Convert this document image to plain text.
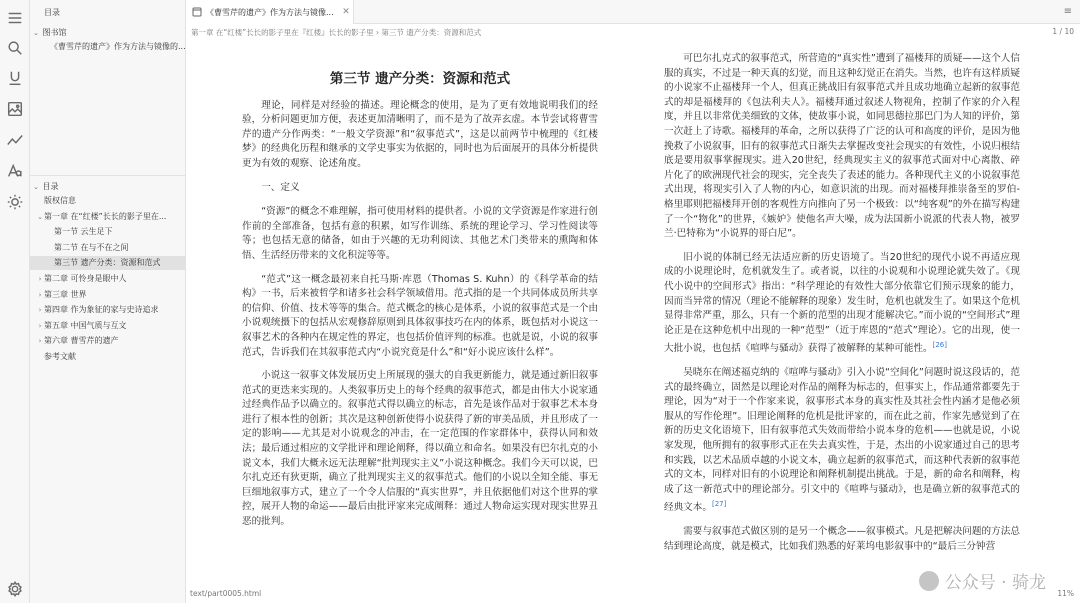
目录
⌄ 图书馆
《曹雪芹的遗产》作为方法与镜像的...
⌄ 目录
版权信息
⌄第一章 在“红楼”长长的影子里在...
第一节 云生足下
第二节 在与不在之间
第三节 遗产分类：资源和范式
› 第二章 可怜身是眼中人
› 第三章 世界
› 第四章 作为象征的家与史诗追求
› 第五章 中国气质与互文
› 第六章 曹雪芹的遗产
参考文献
《曹雪芹的遗产》作为方法与镜像... ✕	≡
第一章 在“红楼”长长的影子里在『红楼』长长的影子里 › 第三节 遗产分类：资源和范式	1 / 10
第三节 遗产分类：资源和范式

理论，同样是对经验的描述。理论概念的使用，是为了更有效地说明我们的经验，分析问题更加方便，表述更加清晰明了，而不是为了故弄玄虚。本节尝试将曹雪芹的遗产分作两类：“一般文学资源”和“叙事范式”，这是以前两节中梳理的《红楼梦》的经典化历程和继承的文学史事实为依据的，同时也为后面展开的具体分析提供更为有效的观察、论述角度。

一、定义

“资源”的概念不难理解，指可使用材料的提供者。小说的文学资源是作家进行创作前的全部准备，包括有意的积累，如写作训练、系统的理论学习、学习性阅读等等；也包括无意的储备，如由于兴趣的无功利阅读、其他艺术门类带来的熏陶和体悟、生活经历带来的文化积淀等等。

“范式”这一概念最初来自托马斯·库恩（Thomas S. Kuhn）的《科学革命的结构》一书，后来被哲学和诸多社会科学领域借用。范式指的是一个共同体成员所共享的信仰、价值、技术等等的集合。范式概念的核心是体系，小说的叙事范式是一个由小说观统摄下的包括从宏观修辞原则到具体叙事技巧在内的体系，既包括对小说这一叙事艺术的各种内在规定性的界定，也包括价值评判的标准。也就是说，小说的叙事范式，告诉我们在其叙事范式内“小说究竟是什么”和“好小说应该什么样”。

小说这一叙事文体发展历史上所展现的强大的自我更新能力，就是通过新旧叙事范式的更迭来实现的。人类叙事历史上的每个经典的叙事范式，都是由伟大小说家通过经典作品予以确立的。叙事范式得以确立的标志，首先是该作品对于叙事艺术本身进行了根本性的创新；其次是这种创新使得小说获得了新的审美品质，并且形成了一定的影响——尤其是对小说观念的冲击，在一定范围的作家群体中，获得认同和效法；最后通过相应的文学批评和理论阐释，得以确立和命名。如果没有巴尔扎克的小说文本，我们大概永远无法理解“批判现实主义”小说这种概念。我们今天可以说，巴尔扎克还有狄更斯，确立了批判现实主义的叙事范式。他们的小说以全知全能、事无巨细地叙事方式，建立了一个令人信服的“真实世界”，并且依据他们对这个世界的掌控，展开人物的命运——最后由批评家来完成阐释：通过人物命运实现对现实世界丑恶的批判。

可巴尔扎克式的叙事范式，所营造的“真实性”遭到了福楼拜的质疑——这个人信服的真实，不过是一种天真的幻觉，而且这种幻觉正在消失。当然，也许有这样质疑的小说家不止福楼拜一个人，但真正挑战旧有叙事范式并且成功地确立起新的叙事范式的却是福楼拜的《包法利夫人》。福楼拜通过叙述人物视角，控制了作家的介入程度，并且以非常优美细致的文体，使故事小说，如同思德拉那巴门为人知的评价，第一次赶上了诗歌。福楼拜的革命，之所以获得了广泛的认可和高度的评价，是因为他挽救了小说叙事，旧有的叙事范式日渐失去掌握改变社会现实的有效性，小说归根结底是要用叙事掌握现实。进入20世纪，经典现实主义的叙事范式面对中心离散、碎片化了的欧洲现代社会的现实，完全丧失了表述的能力。各种现代主义的小说叙事范式出现，将现实引入了人物的内心，如意识流的出现。而对福楼拜推崇备至的罗伯-格里耶则把福楼拜开创的客观性方向推向了另一个极致：以“纯客观”的外在描写构建了一个“物化”的世界，《嫉妒》使他名声大噪，成为法国新小说派的代表人物，被罗兰·巴特称为“小说界的哥白尼”。

旧小说的体制已经无法适应新的历史语境了。当20世纪的现代小说不再适应现成的小说理论时，危机就发生了。或者说，以往的小说观和小说理论就失效了。《现代小说中的空间形式》指出：“科学理论的有效性大部分依靠它们预示现象的能力，因而当异常的情况（理论不能解释的现象）发生时，危机也就发生了。如果这个危机显得非常严重，那么，只有一个新的范型的出现才能解决它。”而小说的“空间形式”理论正是在这种危机中出现的一种“范型”（近于库恩的“范式”理论）。它的出现，使一大批小说，也包括《喧哗与骚动》获得了被解释的某种可能性。[26]

吴晓东在阐述福克纳的《喧哗与骚动》引入小说“空间化”问题时说这段话的，范式的最终确立，固然是以理论对作品的阐释为标志的，但事实上，作品通常都要先于理论，因为“对于一个作家来说，叙事形式本身的真实性及其社会性内涵才是他必须服从的写作伦理”。旧理论阐释的危机是批评家的，而在此之前，作家先感觉到了在新的历史文化语境下，旧有叙事范式失效而带给小说本身的危机——也就是说，小说家发现，他所拥有的叙事形式正在失去真实性，于是，杰出的小说家通过自己的思考和实践，以艺术品质卓越的小说文本，确立起新的叙事范式，而这种代表新的叙事范式的文本，同样对旧有的小说理论和阐释机制提出挑战。于是，新的命名和阐释，构成了这一新范式中的理论部分。引文中的《喧哗与骚动》，也是确立新的叙事范式的经典文本。[27]

需要与叙事范式做区别的是另一个概念——叙事模式。凡是把解决问题的方法总结到理论高度，就是模式，比如我们熟悉的好莱坞电影叙事中的“最后三分钟营

text/part0005.html	11%
公众号 · 骑龙
